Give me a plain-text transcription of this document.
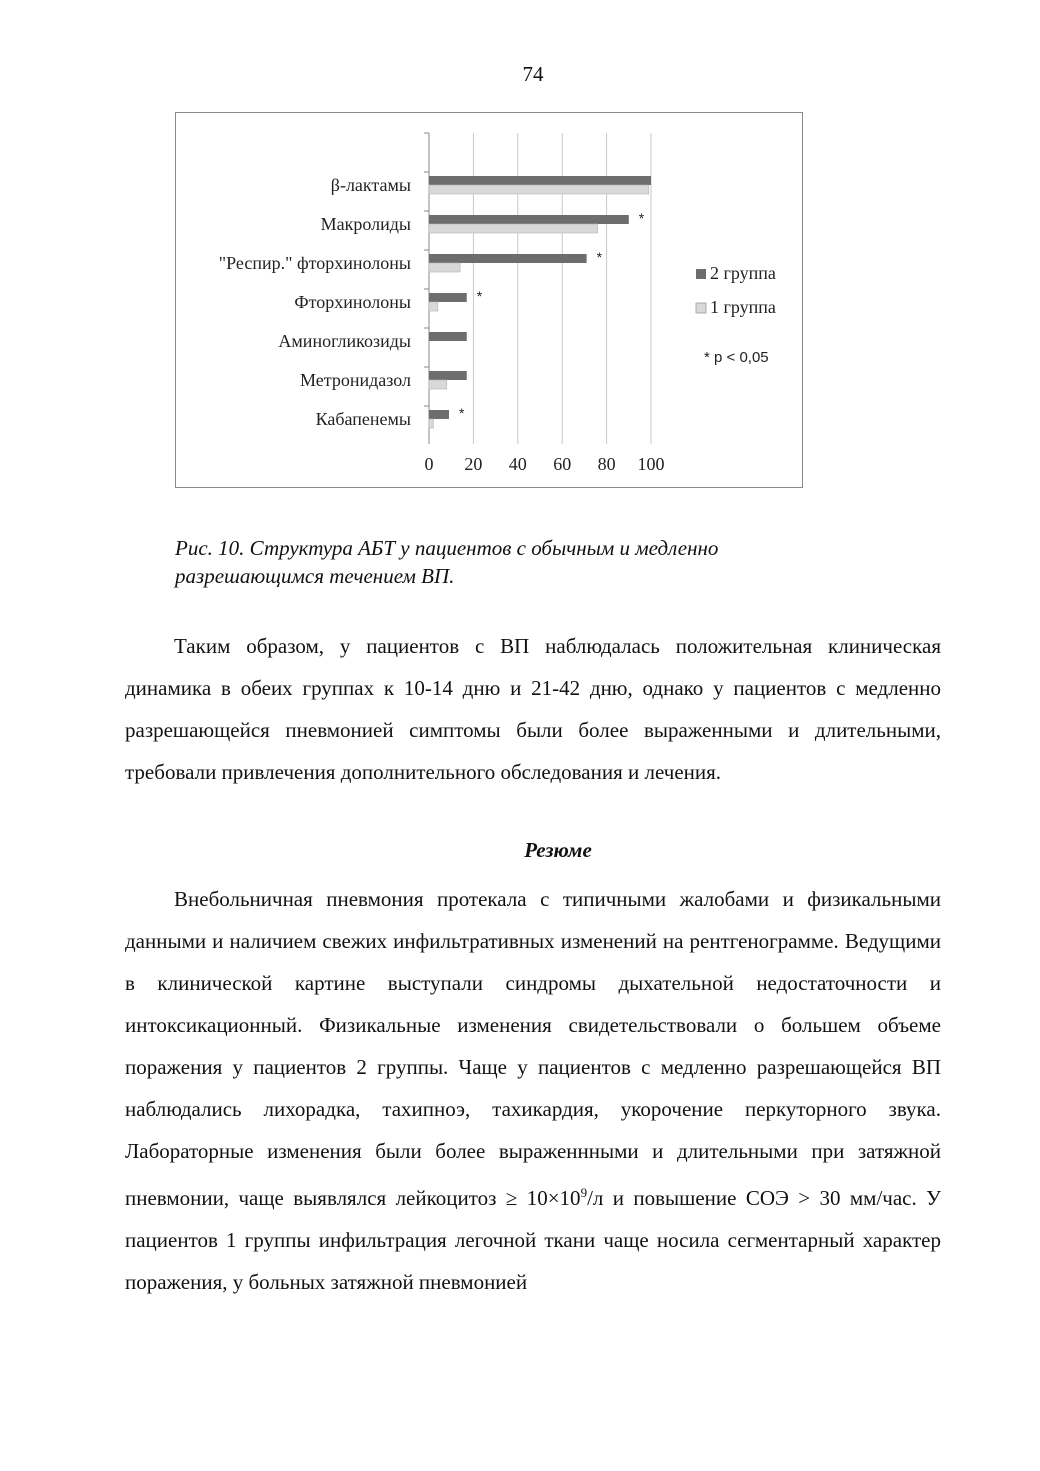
74
β-лактамы
Макролиды	*
"Респир." фторхинолоны	*
Фторхинолоны	*
Аминогликозиды
Метронидазол
Кабапенемы	*
0 20 40 60 80 100
2 группа
1 группа
* p < 0,05
Рис. 10. Структура АБТ у пациентов с обычным и медленно
разрешающимся течением ВП.

Таким образом, у пациентов с ВП наблюдалась положительная клиническая динамика в обеих группах к 10-14 дню и 21-42 дню, однако у пациентов с медленно разрешающейся пневмонией симптомы были более выраженными и длительными, требовали привлечения дополнительного обследования и лечения.

Резюме

Внебольничная пневмония протекала с типичными жалобами и физикальными данными и наличием свежих инфильтративных изменений на рентгенограмме. Ведущими в клинической картине выступали синдромы дыхательной недостаточности и интоксикационный. Физикальные изменения свидетельствовали о большем объеме поражения у пациентов 2 группы. Чаще у пациентов с медленно разрешающейся ВП наблюдались лихорадка, тахипноэ, тахикардия, укорочение перкуторного звука. Лабораторные изменения были более выраженнными и длительными при затяжной пневмонии, чаще выявлялся лейкоцитоз ≥ $10\times 10^9/л$ и повышение СОЭ > 30 мм/час. У пациентов 1 группы инфильтрация легочной ткани чаще носила сегментарный характер поражения, у больных затяжной пневмонией
